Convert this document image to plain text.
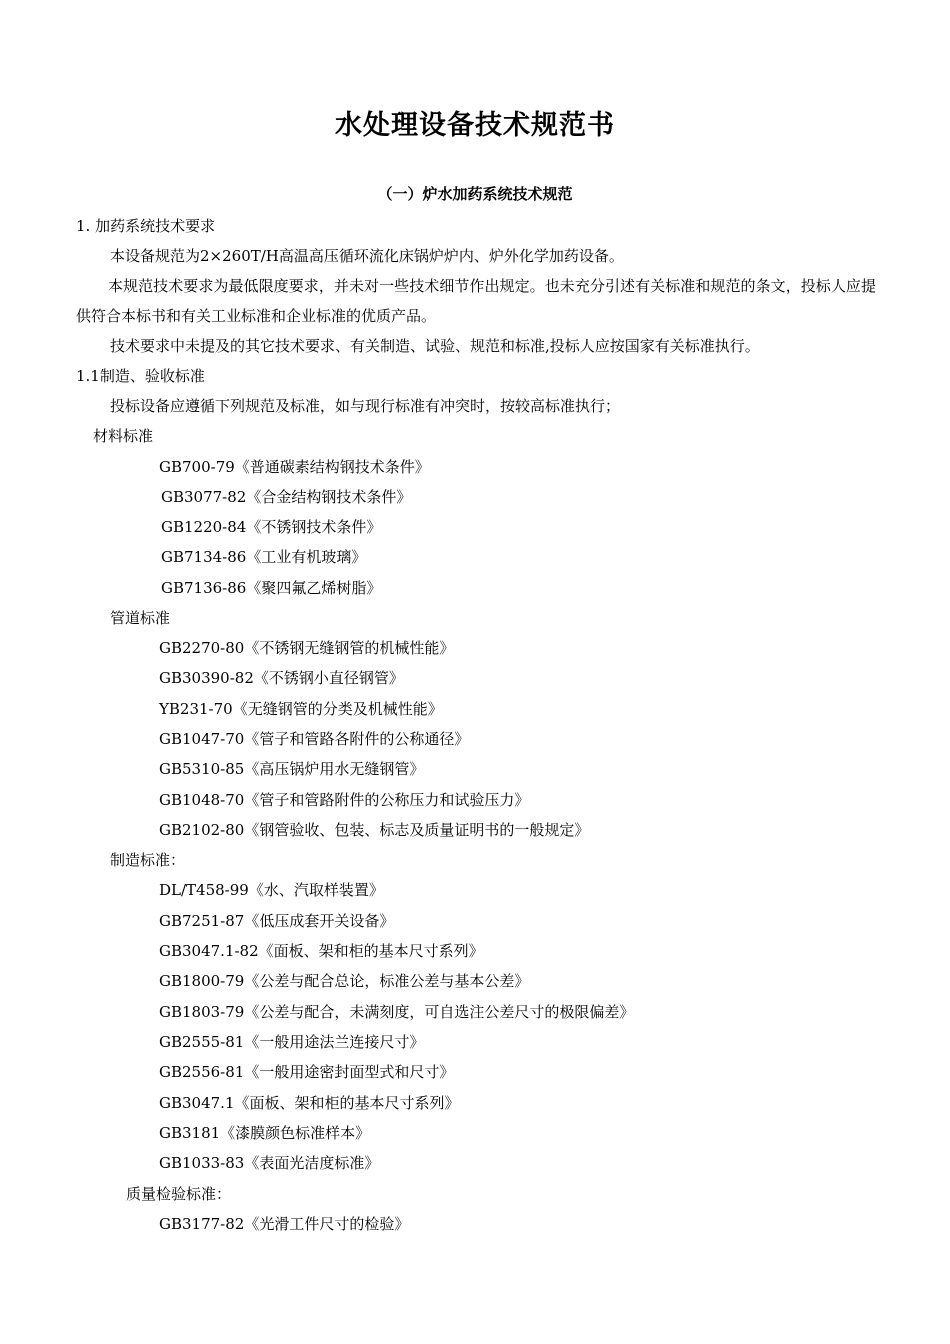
水处理设备技术规范书
（一）炉水加药系统技术规范
1. 加药系统技术要求
本设备规范为2×260T/H高温高压循环流化床锅炉炉内、炉外化学加药设备。
本规范技术要求为最低限度要求，并未对一些技术细节作出规定。也未充分引述有关标准和规范的条文，投标人应提供符合本标书和有关工业标准和企业标准的优质产品。
技术要求中未提及的其它技术要求、有关制造、试验、规范和标准,投标人应按国家有关标准执行。
1.1制造、验收标准
投标设备应遵循下列规范及标准，如与现行标准有冲突时，按较高标准执行；
材料标准
GB700-79《普通碳素结构钢技术条件》
GB3077-82《合金结构钢技术条件》
GB1220-84《不锈钢技术条件》
GB7134-86《工业有机玻璃》
GB7136-86《聚四氟乙烯树脂》
管道标准
GB2270-80《不锈钢无缝钢管的机械性能》
GB30390-82《不锈钢小直径钢管》
YB231-70《无缝钢管的分类及机械性能》
GB1047-70《管子和管路各附件的公称通径》
GB5310-85《高压锅炉用水无缝钢管》
GB1048-70《管子和管路附件的公称压力和试验压力》
GB2102-80《钢管验收、包装、标志及质量证明书的一般规定》
制造标准：
DL/T458-99《水、汽取样装置》
GB7251-87《低压成套开关设备》
GB3047.1-82《面板、架和柜的基本尺寸系列》
GB1800-79《公差与配合总论，标准公差与基本公差》
GB1803-79《公差与配合，未满刻度，可自选注公差尺寸的极限偏差》
GB2555-81《一般用途法兰连接尺寸》
GB2556-81《一般用途密封面型式和尺寸》
GB3047.1《面板、架和柜的基本尺寸系列》
GB3181《漆膜颜色标准样本》
GB1033-83《表面光洁度标准》
质量检验标准：
GB3177-82《光滑工件尺寸的检验》
